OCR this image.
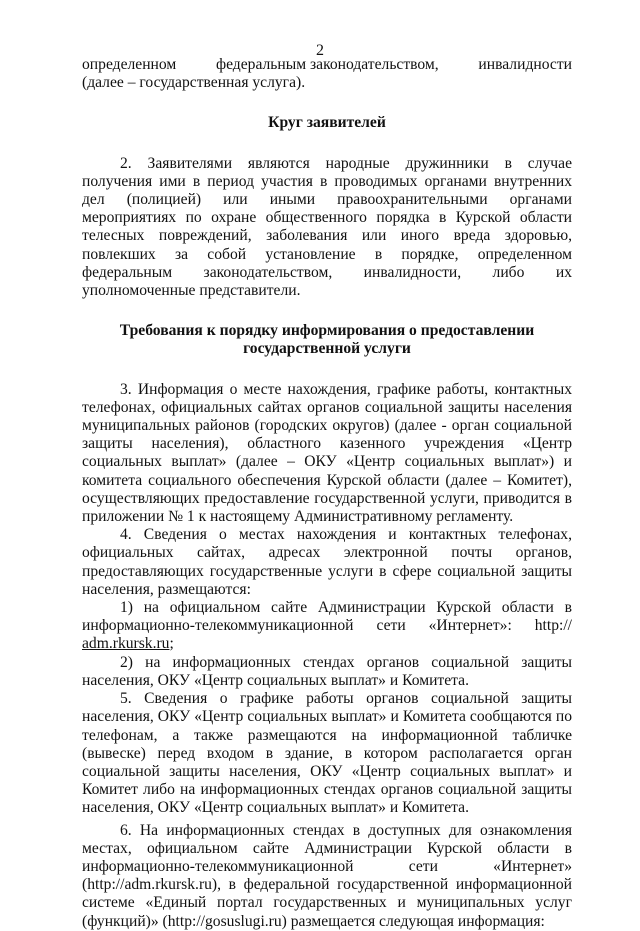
2
определенном	федеральным законодательством,	инвалидности

(далее – государственная услуга).

Круг заявителей

2. Заявителями являются народные дружинники в случае получения ими в период участия в проводимых органами внутренних дел (полицией) или иными правоохранительными органами мероприятиях по охране общественного порядка в Курской области телесных повреждений, заболевания или иного вреда здоровью, повлекших за собой установление в порядке, определенном федеральным законодательством, инвалидности, либо их уполномоченные представители.

Требования к порядку информирования о предоставлении
государственной услуги

3. Информация о месте нахождения, графике работы, контактных телефонах, официальных сайтах органов социальной защиты населения муниципальных районов (городских округов) (далее - орган социальной защиты населения), областного казенного учреждения «Центр социальных выплат» (далее – ОКУ «Центр социальных выплат») и комитета социального обеспечения Курской области (далее – Комитет), осуществляющих предоставление государственной услуги, приводится в приложении № 1 к настоящему Административному регламенту.

4. Сведения о местах нахождения и контактных телефонах, официальных сайтах, адресах электронной почты органов, предоставляющих государственные услуги в сфере социальной защиты населения, размещаются:

1) на официальном сайте Администрации Курской области в информационно-телекоммуникационной сети «Интернет»: http:// adm.rkursk.ru;

2) на информационных стендах органов социальной защиты населения, ОКУ «Центр социальных выплат» и Комитета.

5. Сведения о графике работы органов социальной защиты населения, ОКУ «Центр социальных выплат» и Комитета сообщаются по телефонам, а также размещаются на информационной табличке (вывеске) перед входом в здание, в котором располагается орган социальной защиты населения, ОКУ «Центр социальных выплат» и Комитет либо на информационных стендах органов социальной защиты населения, ОКУ «Центр социальных выплат» и Комитета.

6. На информационных стендах в доступных для ознакомления местах, официальном сайте Администрации Курской области в информационно-телекоммуникационной сети «Интернет» (http://adm.rkursk.ru), в федеральной государственной информационной системе «Единый портал государственных и муниципальных услуг (функций)» (http://gosuslugi.ru) размещается следующая информация:
